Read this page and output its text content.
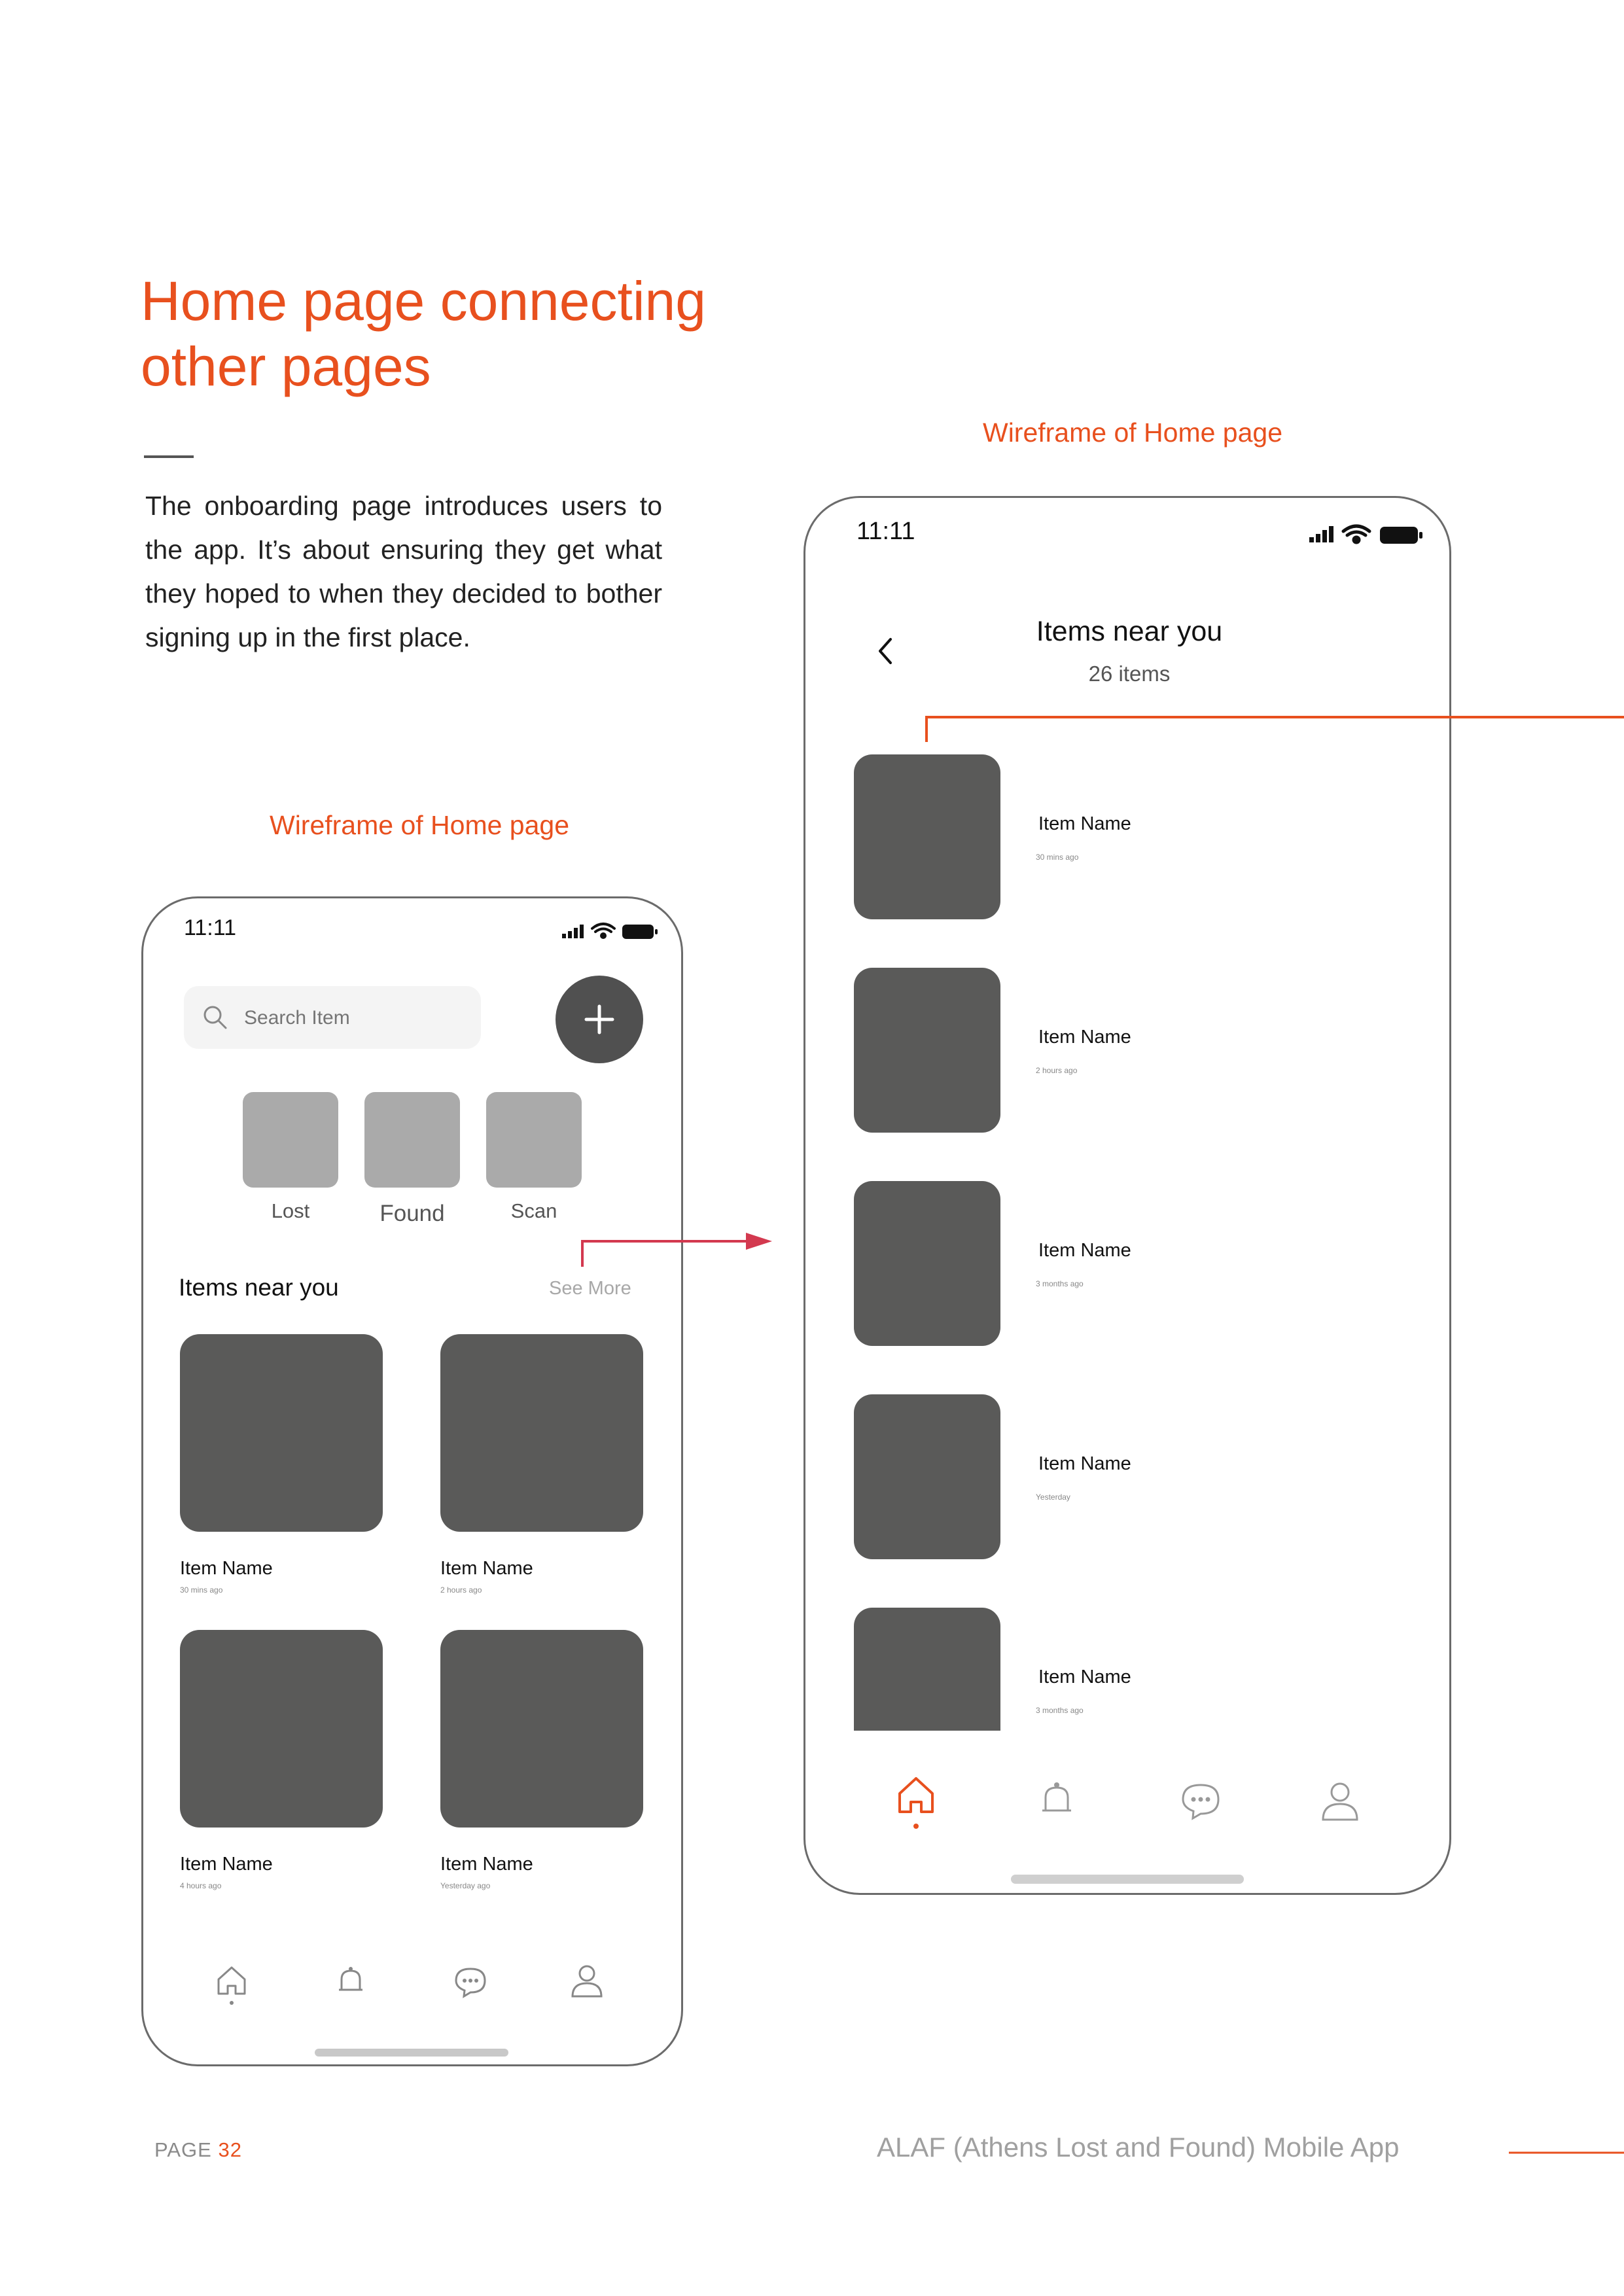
Home page connecting
other pages
The onboarding page introduces users to the app. It’s about ensuring they get what they hoped to when they decided to bother signing up in the first place.
Wireframe of Home page
Wireframe of Home page
11:11
Search Item
Lost	Found	Scan
Items near you	See More
Item Name	Item Name
30 mins ago	2 hours ago
Item Name	Item Name
4 hours ago	Yesterday ago
11:11
Items near you
26 items
Item Name
30 mins ago
Item Name
2 hours ago
Item Name
3 months ago
Item Name
Yesterday
Item Name
3 months ago
PAGE 32	ALAF (Athens Lost and Found) Mobile App
